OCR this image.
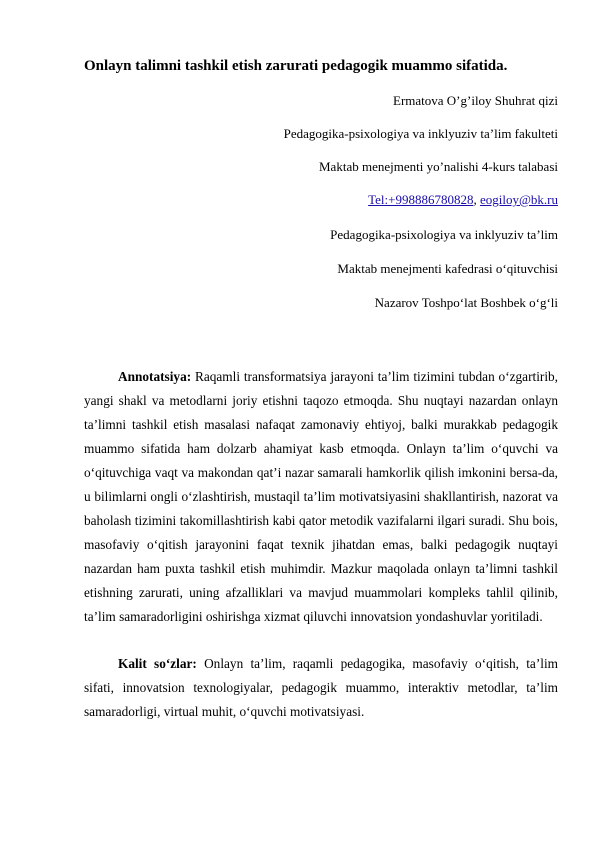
Onlayn talimni tashkil etish zarurati pedagogik muammo sifatida.
Ermatova O’g’iloy Shuhrat qizi
Pedagogika-psixologiya va inklyuziv ta’lim fakulteti
Maktab menejmenti yo’nalishi 4-kurs talabasi
Tel:+998886780828, eogiloy@bk.ru
Pedagogika-psixologiya va inklyuziv ta’lim
Maktab menejmenti kafedrasi o‘qituvchisi
Nazarov Toshpo‘lat Boshbek o‘g‘li
Annotatsiya: Raqamli transformatsiya jarayoni ta’lim tizimini tubdan o‘zgartirib, yangi shakl va metodlarni joriy etishni taqozo etmoqda. Shu nuqtayi nazardan onlayn ta’limni tashkil etish masalasi nafaqat zamonaviy ehtiyoj, balki murakkab pedagogik muammo sifatida ham dolzarb ahamiyat kasb etmoqda. Onlayn ta’lim o‘quvchi va o‘qituvchiga vaqt va makondan qat’i nazar samarali hamkorlik qilish imkonini bersa-da, u bilimlarni ongli o‘zlashtirish, mustaqil ta’lim motivatsiyasini shakllantirish, nazorat va baholash tizimini takomillashtirish kabi qator metodik vazifalarni ilgari suradi. Shu bois, masofaviy o‘qitish jarayonini faqat texnik jihatdan emas, balki pedagogik nuqtayi nazardan ham puxta tashkil etish muhimdir. Mazkur maqolada onlayn ta’limni tashkil etishning zarurati, uning afzalliklari va mavjud muammolari kompleks tahlil qilinib, ta’lim samaradorligini oshirishga xizmat qiluvchi innovatsion yondashuvlar yoritiladi.
Kalit so‘zlar: Onlayn ta’lim, raqamli pedagogika, masofaviy o‘qitish, ta’lim sifati, innovatsion texnologiyalar, pedagogik muammo, interaktiv metodlar, ta’lim samaradorligi, virtual muhit, o‘quvchi motivatsiyasi.
